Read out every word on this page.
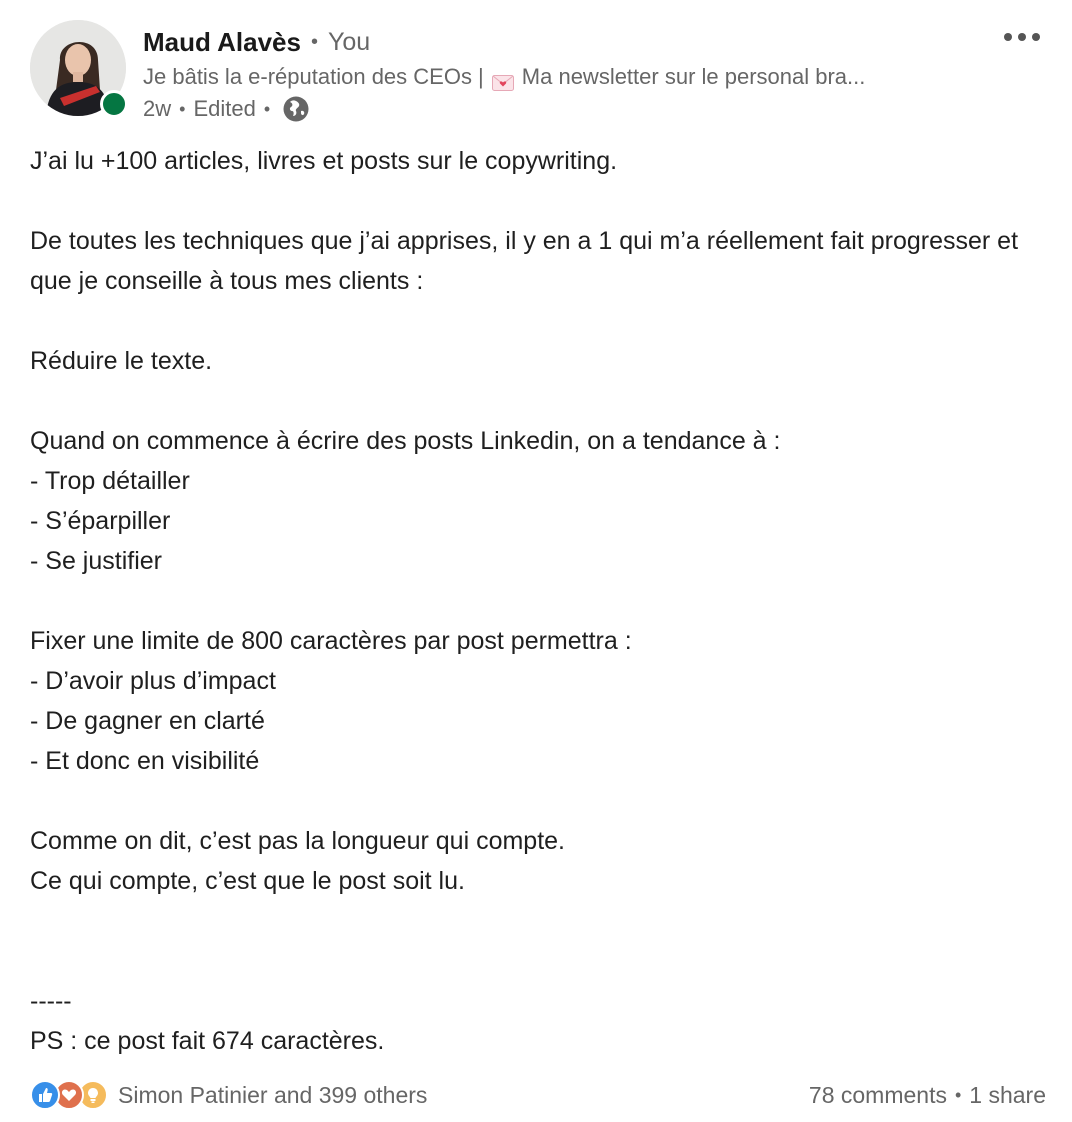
Maud Alavès • You
Je bâtis la e-réputation des CEOs | Ma newsletter sur le personal bra...
2w • Edited •

J’ai lu +100 articles, livres et posts sur le copywriting.

De toutes les techniques que j’ai apprises, il y en a 1 qui m’a réellement fait progresser et que je conseille à tous mes clients :

Réduire le texte.

Quand on commence à écrire des posts Linkedin, on a tendance à :

- Trop détailler

- S’éparpiller

- Se justifier

Fixer une limite de 800 caractères par post permettra :

- D’avoir plus d’impact

- De gagner en clarté

- Et donc en visibilité

Comme on dit, c’est pas la longueur qui compte.

Ce qui compte, c’est que le post soit lu.

-----

PS : ce post fait 674 caractères.

Simon Patinier and 399 others	78 comments • 1 share
